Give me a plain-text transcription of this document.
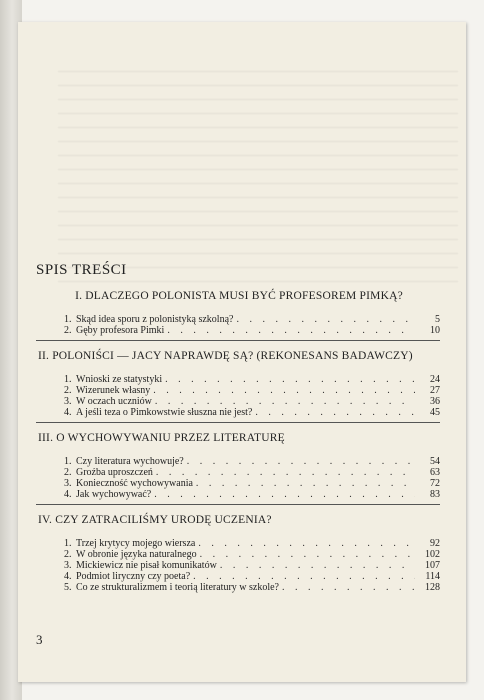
SPIS TREŚCI
I. DLACZEGO POLONISTA MUSI BYĆ PROFESOREM PIMKĄ?
1. Skąd idea sporu z polonistyką szkolną? . . .	5
2. Gęby profesora Pimki . . .	10
II. POLONIŚCI — JACY NAPRAWDĘ SĄ? (REKONESANS BADAWCZY)
1. Wnioski ze statystyki . . .	24
2. Wizerunek własny . . .	27
3. W oczach uczniów . . .	36
4. A jeśli teza o Pimkowstwie słuszna nie jest? . . .	45
III. O WYCHOWYWANIU PRZEZ LITERATURĘ
1. Czy literatura wychowuje? . . .	54
2. Groźba uproszczeń . . .	63
3. Konieczność wychowywania . . .	72
4. Jak wychowywać? . . .	83
IV. CZY ZATRACILIŚMY URODĘ UCZENIA?
1. Trzej krytycy mojego wiersza . . .	92
2. W obronie języka naturalnego . . .	102
3. Mickiewicz nie pisał komunikatów . . .	107
4. Podmiot liryczny czy poeta? . . .	114
5. Co ze strukturalizmem i teorią literatury w szkole? . . .	128
3
